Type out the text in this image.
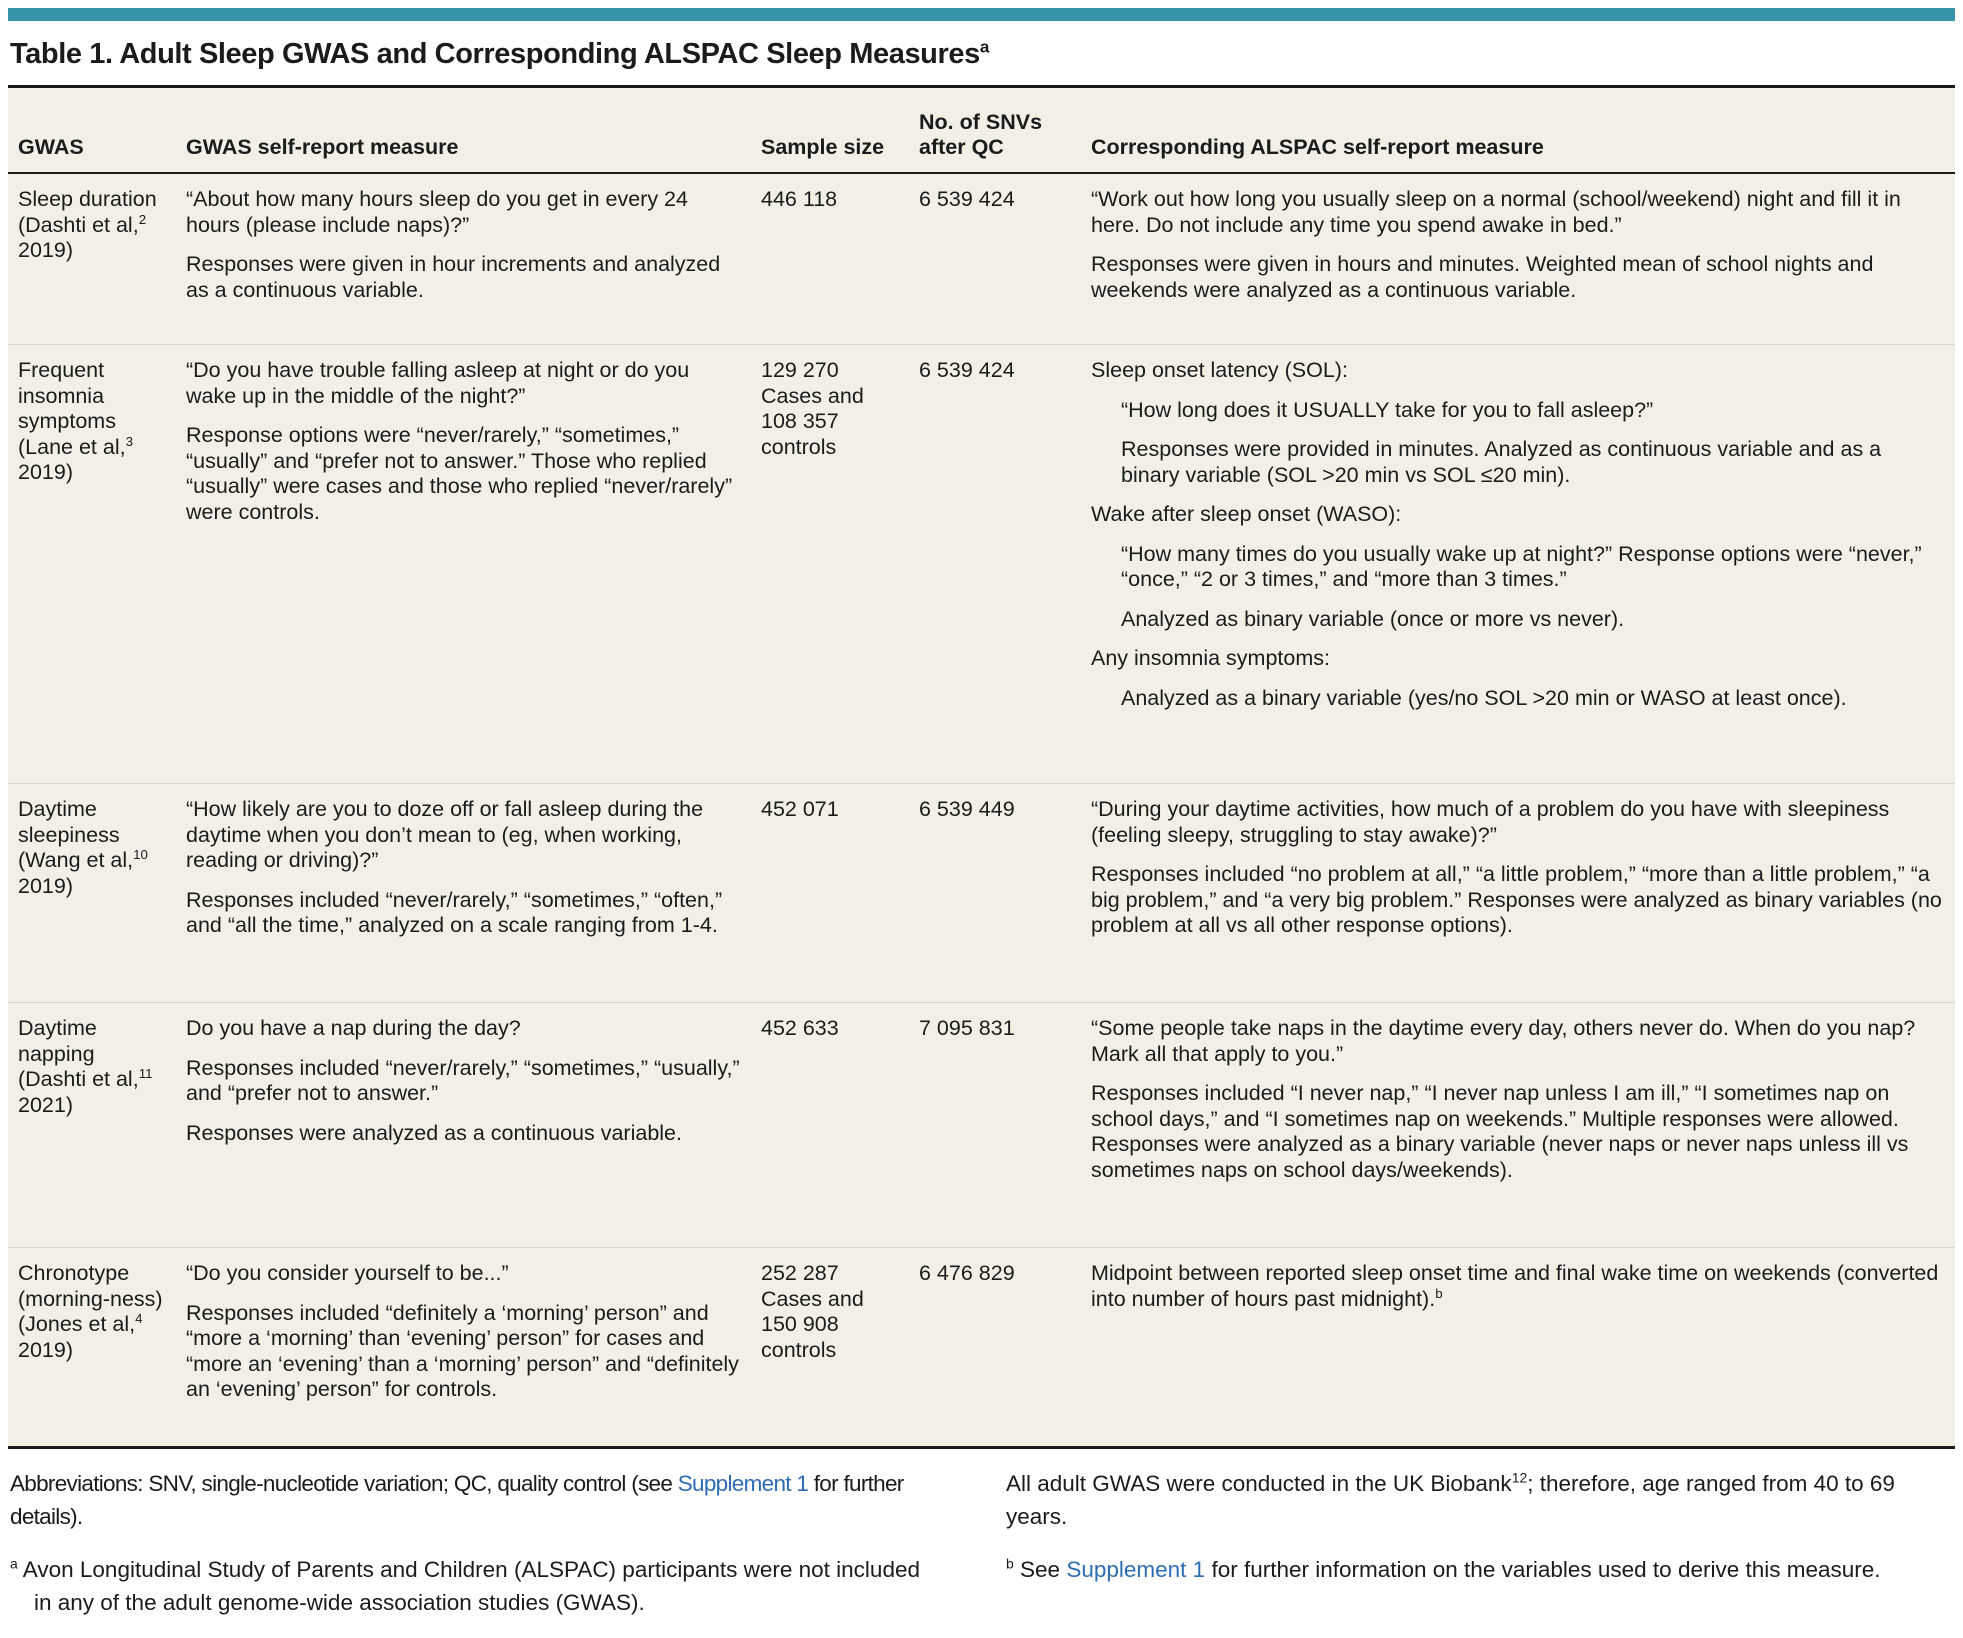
Table 1. Adult Sleep GWAS and Corresponding ALSPAC Sleep Measures$^a$
GWAS	GWAS self-report measure	Sample size
No. of SNVs after QC	Corresponding ALSPAC self-report measure

Sleep duration (Dashti et al,$^2$ 2019)

“About how many hours sleep do you get in every 24 hours (please include naps)?”

Responses were given in hour increments and analyzed as a continuous variable.

446 118	6 539 424	“Work out how long you usually sleep on a normal (school/weekend) night and fill it in here. Do not include any time you spend awake in bed.”

Responses were given in hours and minutes. Weighted mean of school nights and weekends were analyzed as a continuous variable.

Frequent insomnia symptoms (Lane et al,$^3$ 2019)

“Do you have trouble falling asleep at night or do you wake up in the middle of the night?”

Response options were “never/rarely,” “sometimes,” “usually” and “prefer not to answer.” Those who replied “usually” were cases and those who replied “never/rarely” were controls.

129 270 Cases and 108 357 controls
6 539 424	Sleep onset latency (SOL):

“How long does it USUALLY take for you to fall asleep?”

Responses were provided in minutes. Analyzed as continuous variable and as a binary variable (SOL >20 min vs SOL ≤20 min).

Wake after sleep onset (WASO):

“How many times do you usually wake up at night?” Response options were “never,” “once,” “2 or 3 times,” and “more than 3 times.”

Analyzed as binary variable (once or more vs never).

Any insomnia symptoms:

Analyzed as a binary variable (yes/no SOL >20 min or WASO at least once).

Daytime sleepiness (Wang et al,$^{10}$ 2019)

“How likely are you to doze off or fall asleep during the daytime when you don’t mean to (eg, when working, reading or driving)?”

Responses included “never/rarely,” “sometimes,” “often,” and “all the time,” analyzed on a scale ranging from 1-4.

452 071	6 539 449	“During your daytime activities, how much of a problem do you have with sleepiness (feeling sleepy, struggling to stay awake)?”

Responses included “no problem at all,” “a little problem,” “more than a little problem,” “a big problem,” and “a very big problem.” Responses were analyzed as binary variables (no problem at all vs all other response options).

Daytime napping (Dashti et al,$^{11}$ 2021)

Do you have a nap during the day?

Responses included “never/rarely,” “sometimes,” “usually,” and “prefer not to answer.”

Responses were analyzed as a continuous variable.

452 633	7 095 831	“Some people take naps in the daytime every day, others never do. When do you nap? Mark all that apply to you.”

Responses included “I never nap,” “I never nap unless I am ill,” “I sometimes nap on school days,” and “I sometimes nap on weekends.” Multiple responses were allowed. Responses were analyzed as a binary variable (never naps or never naps unless ill vs sometimes naps on school days/weekends).

Chronotype (morning-ness) (Jones et al,$^4$ 2019)

“Do you consider yourself to be...”

Responses included “definitely a ‘morning’ person” and “more a ‘morning’ than ‘evening’ person” for cases and “more an ‘evening’ than a ‘morning’ person” and “definitely an ‘evening’ person” for controls.

252 287 Cases and 150 908 controls
6 476 829	Midpoint between reported sleep onset time and final wake time on weekends (converted into number of hours past midnight).$^b$

Abbreviations: SNV, single-nucleotide variation; QC, quality control (see Supplement 1 for further details).

$^a$ Avon Longitudinal Study of Parents and Children (ALSPAC) participants were not included in any of the adult genome-wide association studies (GWAS).

All adult GWAS were conducted in the UK Biobank$^{12}$; therefore, age ranged from 40 to 69 years.

$^b$ See Supplement 1 for further information on the variables used to derive this measure.
